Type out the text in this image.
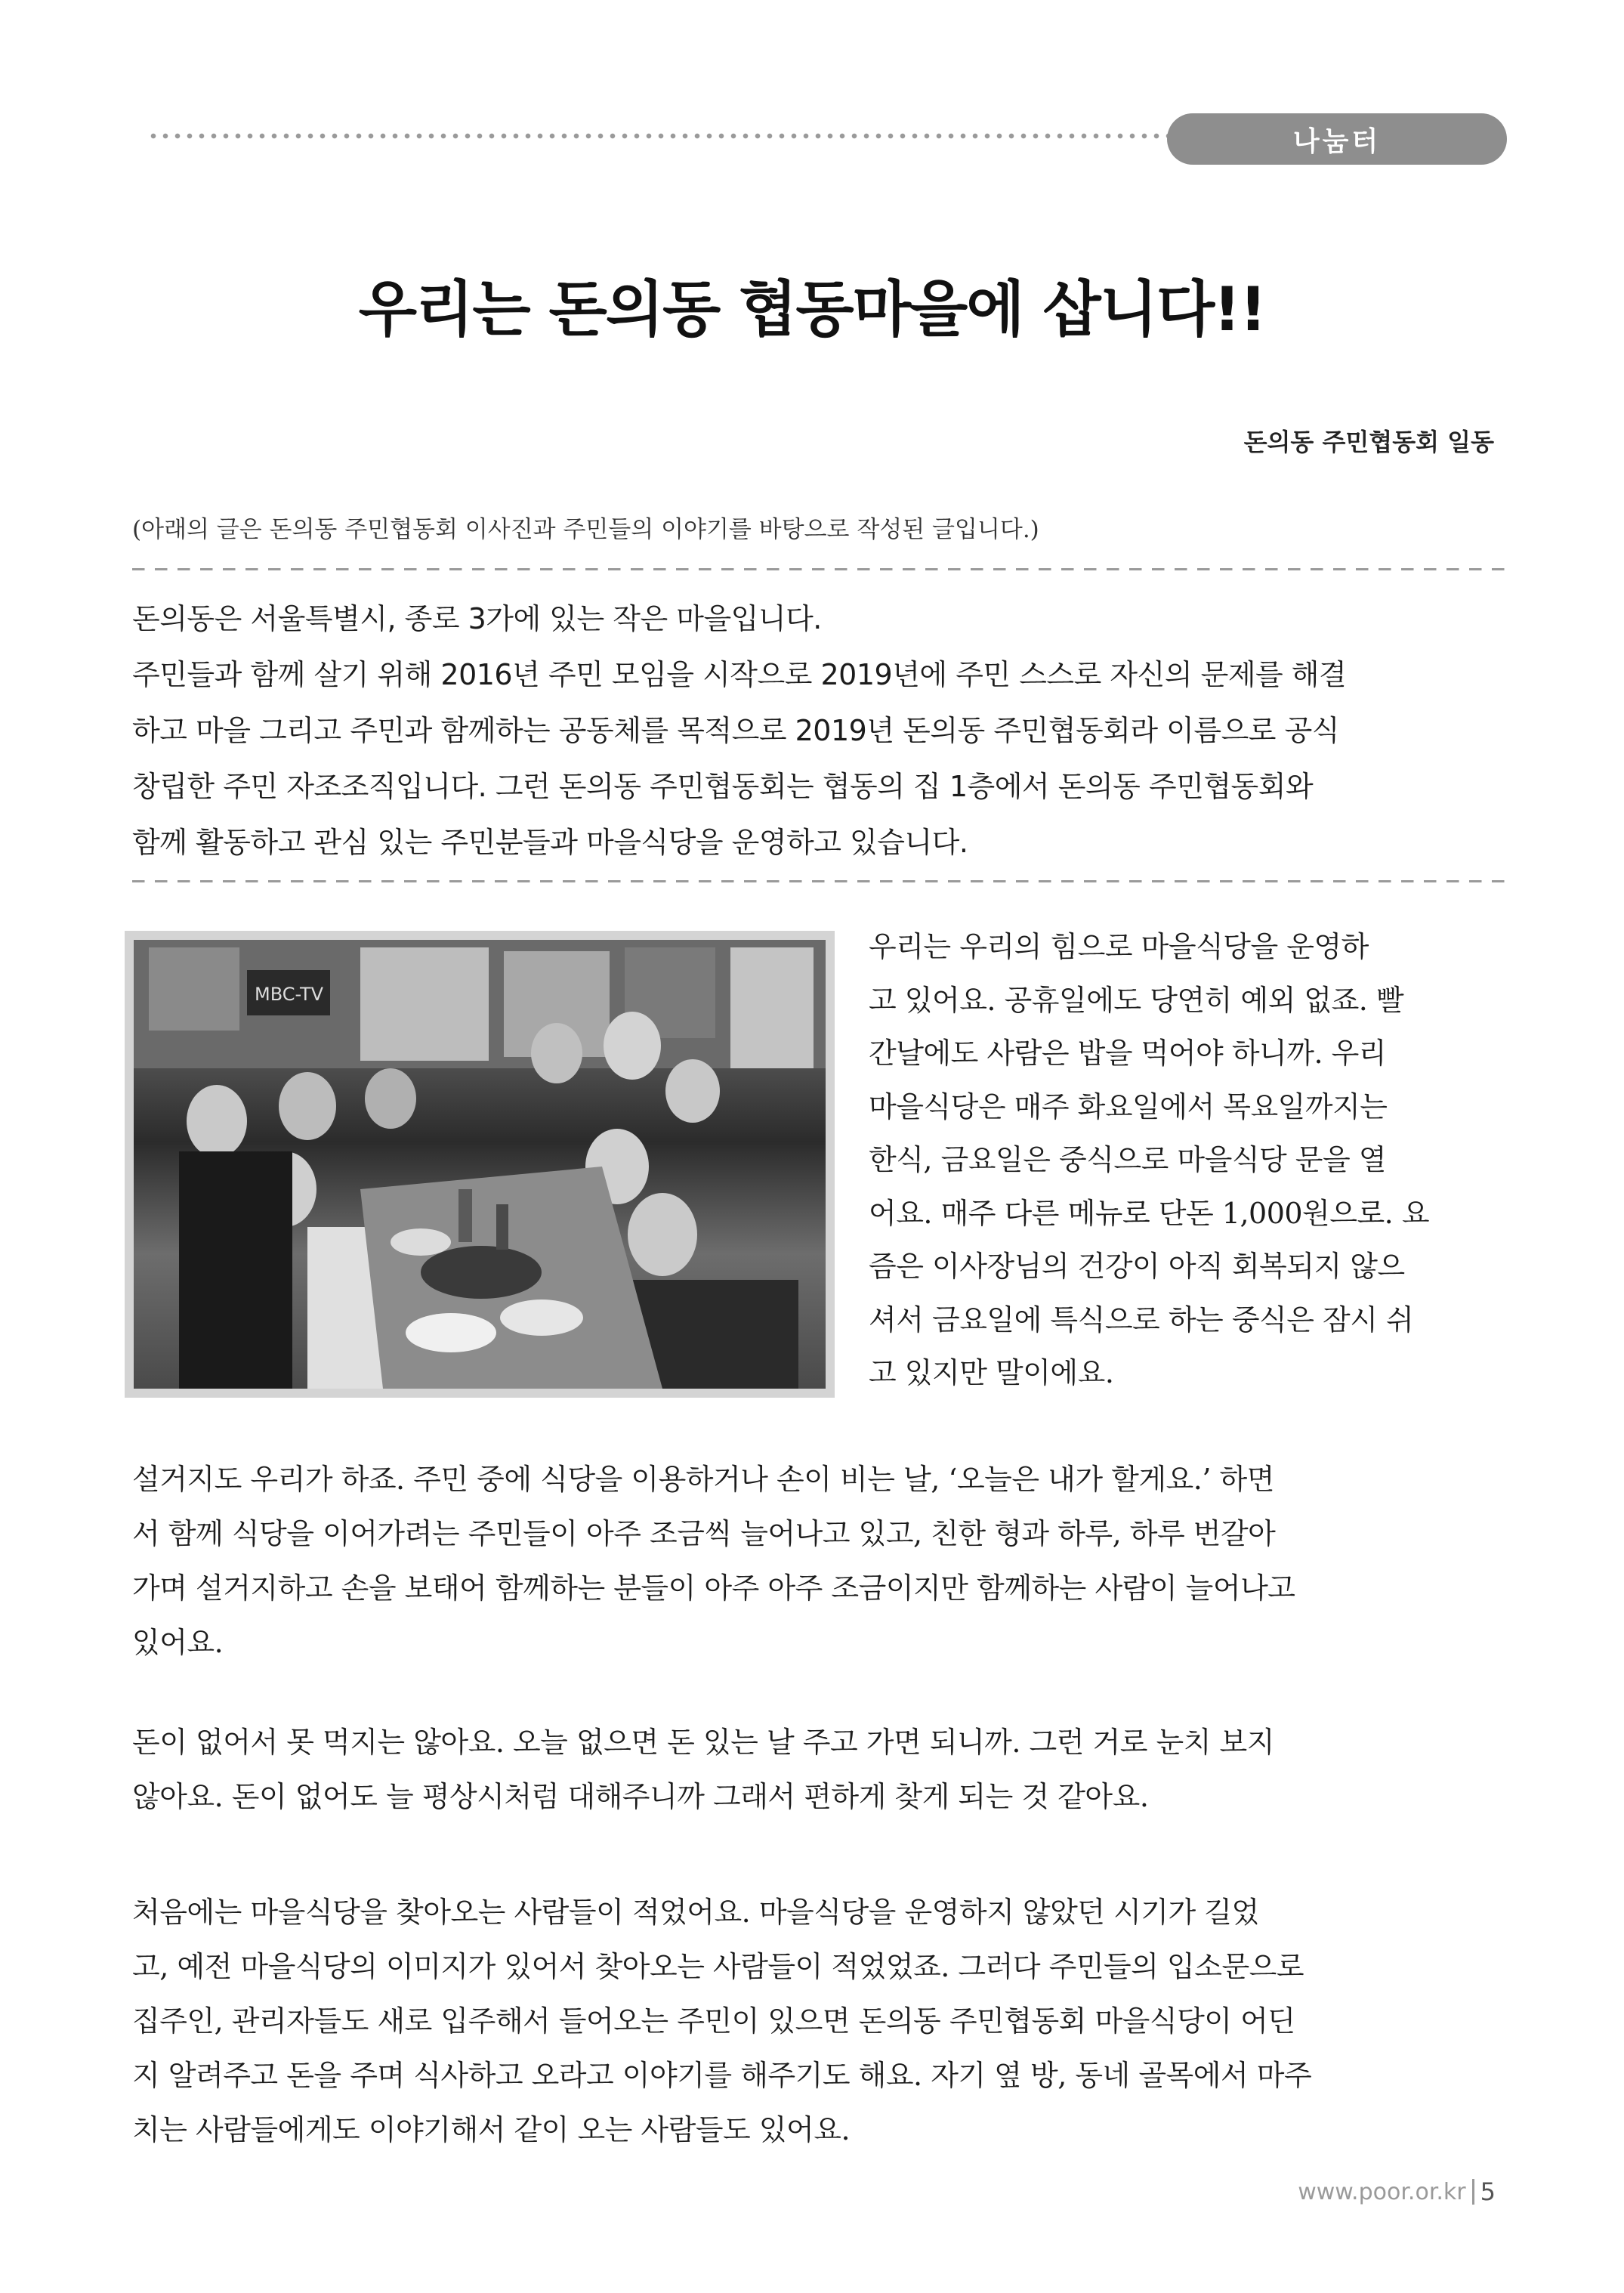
나눔터
우리는 돈의동 협동마을에 삽니다!!
돈의동 주민협동회 일동
(아래의 글은 돈의동 주민협동회 이사진과 주민들의 이야기를 바탕으로 작성된 글입니다.)

돈의동은 서울특별시, 종로 3가에 있는 작은 마을입니다.

주민들과 함께 살기 위해 2016년 주민 모임을 시작으로 2019년에 주민 스스로 자신의 문제를 해결

하고 마을 그리고 주민과 함께하는 공동체를 목적으로 2019년 돈의동 주민협동회라 이름으로 공식

창립한 주민 자조조직입니다. 그런 돈의동 주민협동회는 협동의 집 1층에서 돈의동 주민협동회와

함께 활동하고 관심 있는 주민분들과 마을식당을 운영하고 있습니다.

MBC-TV

우리는 우리의 힘으로 마을식당을 운영하

고 있어요. 공휴일에도 당연히 예외 없죠. 빨

간날에도 사람은 밥을 먹어야 하니까. 우리

마을식당은 매주 화요일에서 목요일까지는

한식, 금요일은 중식으로 마을식당 문을 열

어요. 매주 다른 메뉴로 단돈 1,000원으로. 요

즘은 이사장님의 건강이 아직 회복되지 않으

셔서 금요일에 특식으로 하는 중식은 잠시 쉬

고 있지만 말이에요.

설거지도 우리가 하죠. 주민 중에 식당을 이용하거나 손이 비는 날, ‘오늘은 내가 할게요.’ 하면

서 함께 식당을 이어가려는 주민들이 아주 조금씩 늘어나고 있고, 친한 형과 하루, 하루 번갈아

가며 설거지하고 손을 보태어 함께하는 분들이 아주 아주 조금이지만 함께하는 사람이 늘어나고

있어요.

돈이 없어서 못 먹지는 않아요. 오늘 없으면 돈 있는 날 주고 가면 되니까. 그런 거로 눈치 보지

않아요. 돈이 없어도 늘 평상시처럼 대해주니까 그래서 편하게 찾게 되는 것 같아요.

처음에는 마을식당을 찾아오는 사람들이 적었어요. 마을식당을 운영하지 않았던 시기가 길었

고, 예전 마을식당의 이미지가 있어서 찾아오는 사람들이 적었었죠. 그러다 주민들의 입소문으로

집주인, 관리자들도 새로 입주해서 들어오는 주민이 있으면 돈의동 주민협동회 마을식당이 어딘

지 알려주고 돈을 주며 식사하고 오라고 이야기를 해주기도 해요. 자기 옆 방, 동네 골목에서 마주

치는 사람들에게도 이야기해서 같이 오는 사람들도 있어요.

www.poor.or.kr 5
